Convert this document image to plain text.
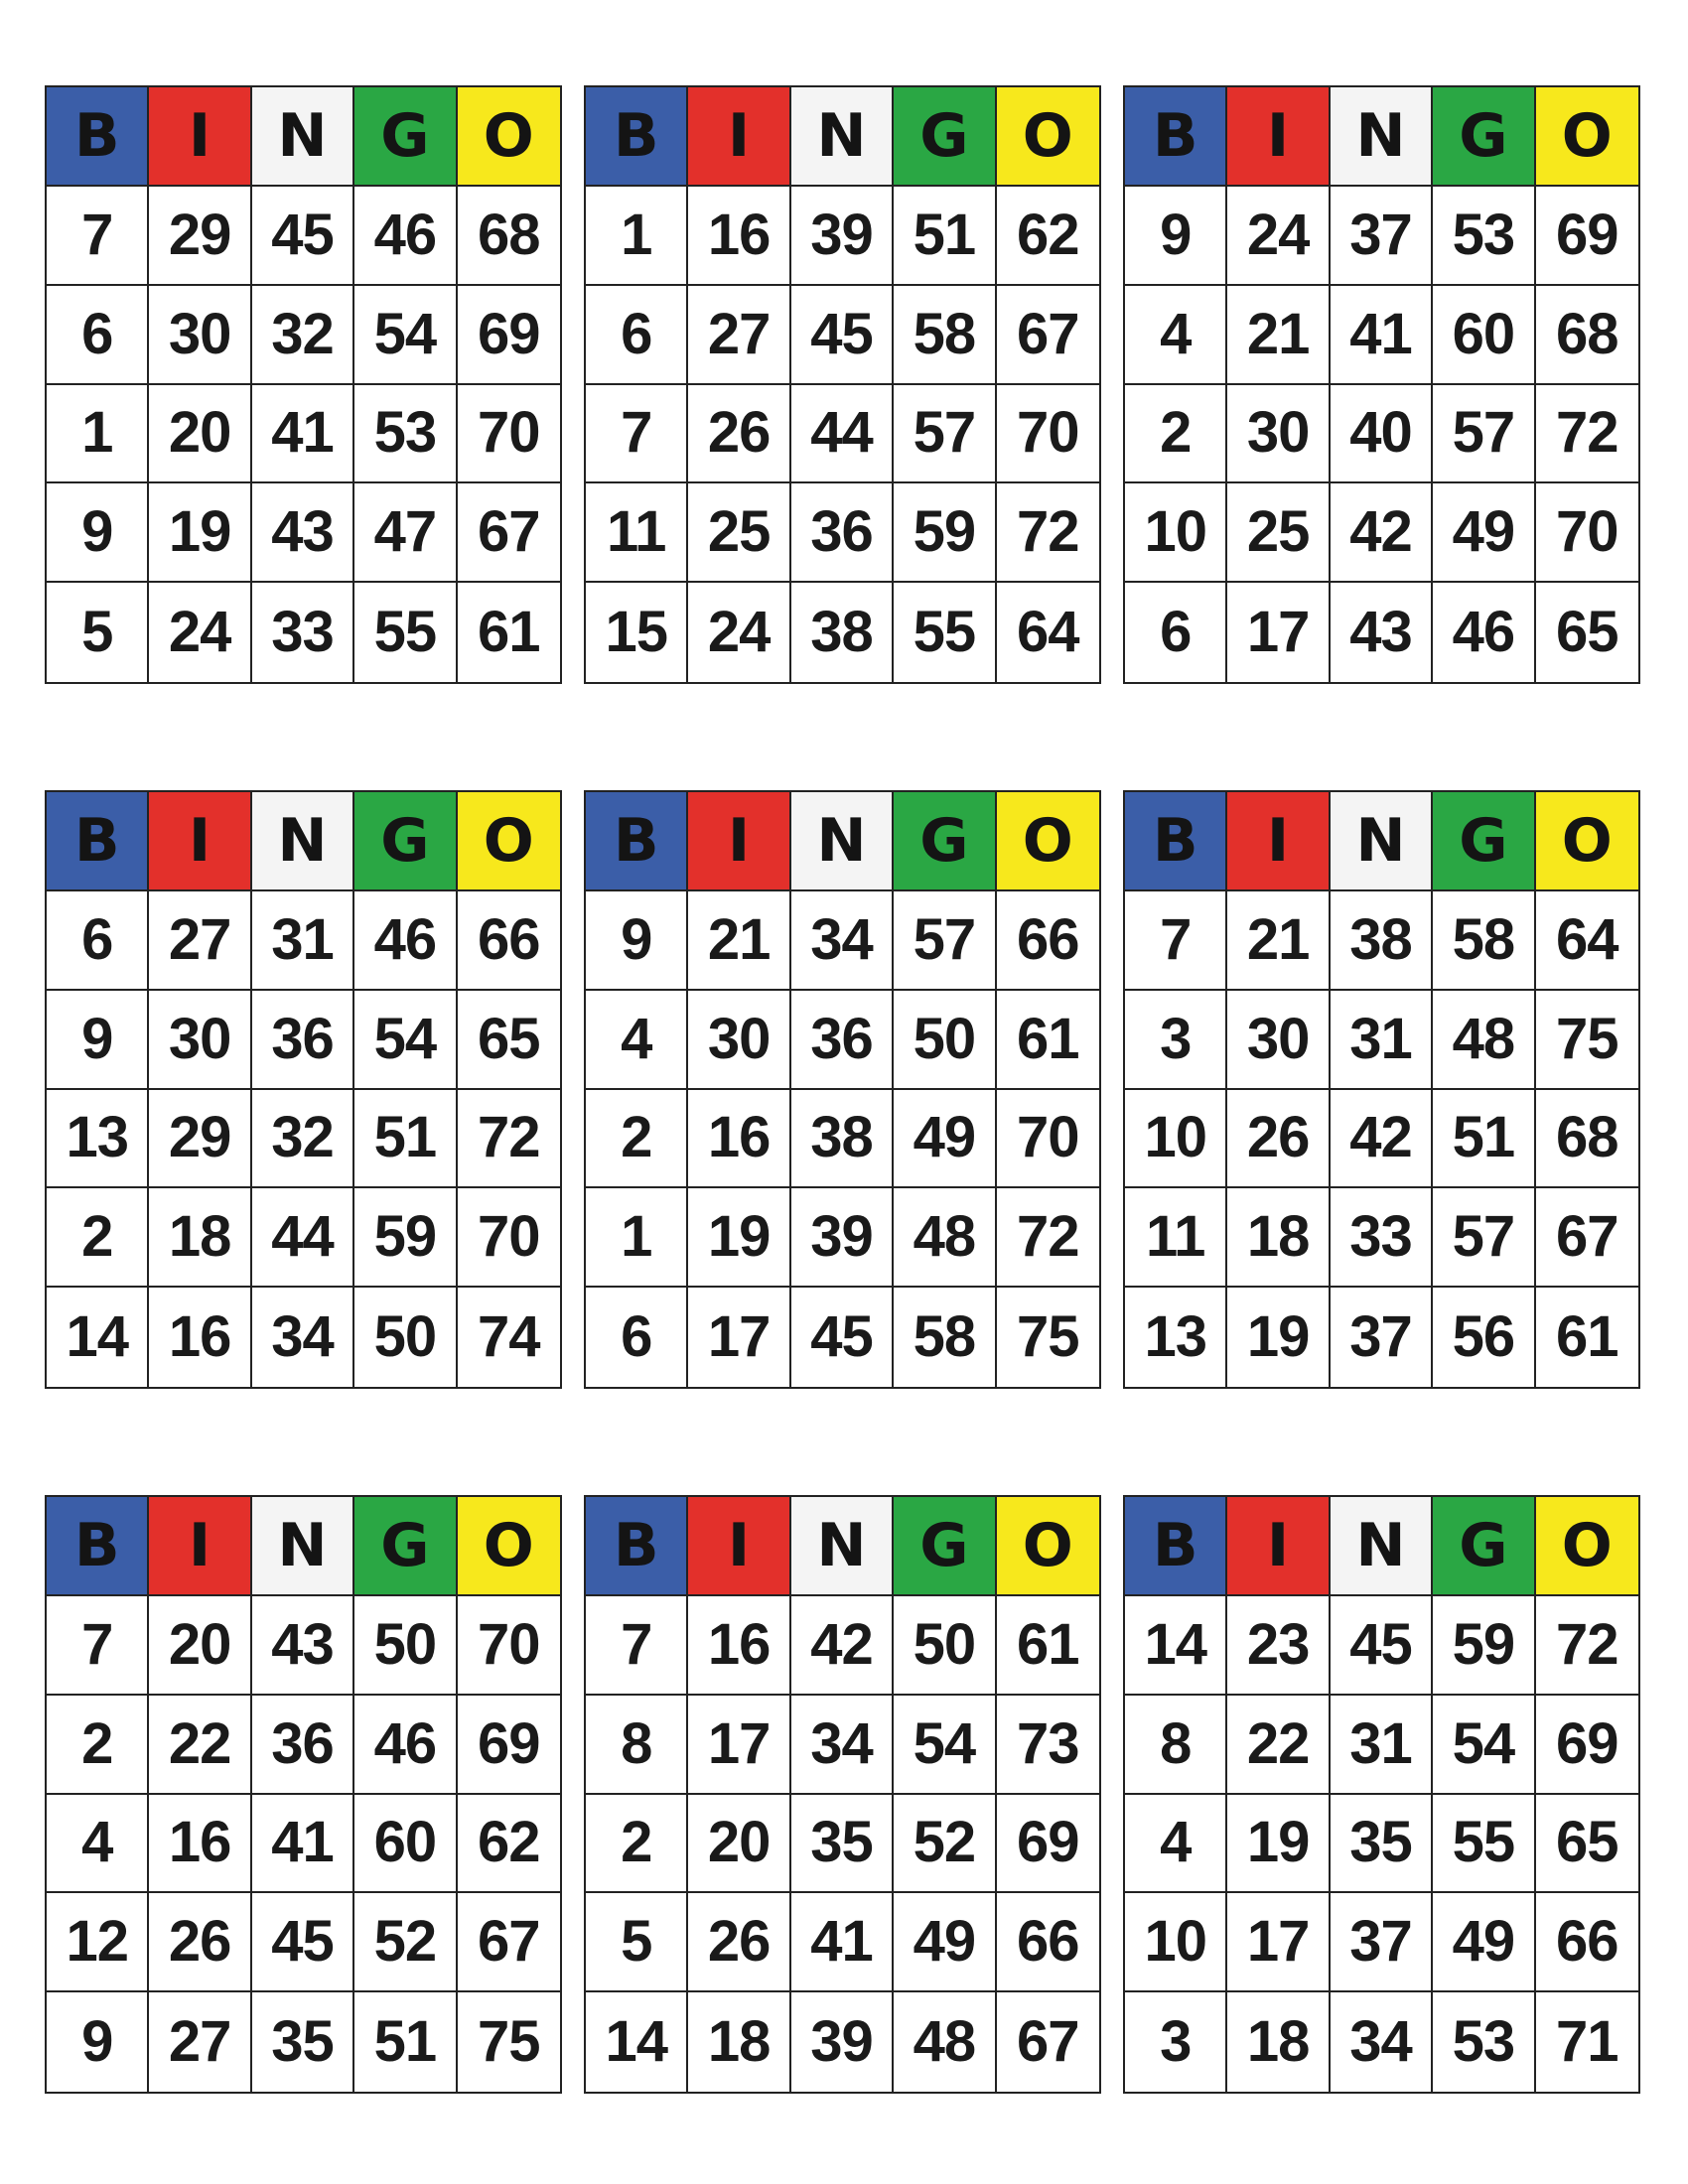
B	I	N G O
7 29 45 46 68
6 30 32 54 69
1 20 41 53 70
9 19 43 47 67
5 24 33 55 61
B	I	N G O
1 16 39 51 62
6 27 45 58 67
7 26 44 57 70
11 25 36 59 72
15 24 38 55 64
B	I	N G O
9 24 37 53 69
4 21 41 60 68
2 30 40 57 72
10 25 42 49 70
6 17 43 46 65
B	I	N G O
6 27 31 46 66
9 30 36 54 65
13 29 32 51 72
2 18 44 59 70
14 16 34 50 74
B	I	N G O
9 21 34 57 66
4 30 36 50 61
2 16 38 49 70
1 19 39 48 72
6 17 45 58 75
B	I	N G O
7 21 38 58 64
3 30 31 48 75
10 26 42 51 68
11 18 33 57 67
13 19 37 56 61
B	I	N G O
7 20 43 50 70
2 22 36 46 69
4 16 41 60 62
12 26 45 52 67
9 27 35 51 75
B	I	N G O
7 16 42 50 61
8 17 34 54 73
2 20 35 52 69
5 26 41 49 66
14 18 39 48 67
B	I	N G O
14 23 45 59 72
8 22 31 54 69
4 19 35 55 65
10 17 37 49 66
3 18 34 53 71
